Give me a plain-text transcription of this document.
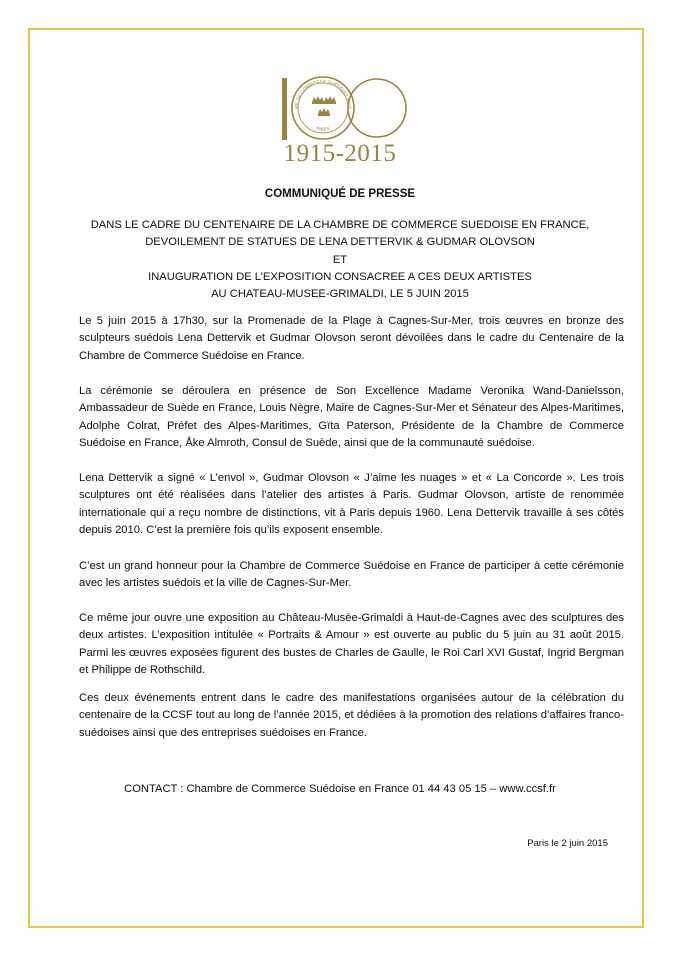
RE DE COMMERCE SUÉDOISE EN F
PARIS
1915-2015
COMMUNIQUÉ DE PRESSE
DANS LE CADRE DU CENTENAIRE DE LA CHAMBRE DE COMMERCE SUEDOISE EN FRANCE,
DEVOILEMENT DE STATUES DE LENA DETTERVIK & GUDMAR OLOVSON
ET
INAUGURATION DE L’EXPOSITION CONSACREE A CES DEUX ARTISTES
AU CHATEAU-MUSEE-GRIMALDI, LE 5 JUIN 2015

Le 5 juin 2015 à 17h30, sur la Promenade de la Plage à Cagnes-Sur-Mer, trois œuvres en bronze des sculpteurs suédois Lena Dettervik et Gudmar Olovson seront dévoilées dans le cadre du Centenaire de la Chambre de Commerce Suédoise en France.

La cérémonie se déroulera en présence de Son Excellence Madame Veronika Wand-Danielsson, Ambassadeur de Suède en France, Louis Nègre, Maire de Cagnes-Sur-Mer et Sénateur des Alpes-Maritimes, Adolphe Colrat, Préfet des Alpes-Maritimes, Gïta Paterson, Présidente de la Chambre de Commerce Suédoise en France, Åke Almroth, Consul de Suède, ainsi que de la communauté suédoise.

Lena Dettervik a signé « L’envol », Gudmar Olovson « J’aime les nuages » et « La Concorde ». Les trois sculptures ont été réalisées dans l’atelier des artistes à Paris. Gudmar Olovson, artiste de renommée internationale qui a reçu nombre de distinctions, vit à Paris depuis 1960. Lena Dettervik travaille à ses côtés depuis 2010. C’est la première fois qu’ils exposent ensemble.

C’est un grand honneur pour la Chambre de Commerce Suédoise en France de participer à cette cérémonie avec les artistes suédois et la ville de Cagnes-Sur-Mer.

Ce même jour ouvre une exposition au Château-Musée-Grimaldi à Haut-de-Cagnes avec des sculptures des deux artistes. L’exposition intitulée « Portraits & Amour » est ouverte au public du 5 juin au 31 août 2015. Parmi les œuvres exposées figurent des bustes de Charles de Gaulle, le Roi Carl XVI Gustaf, Ingrid Bergman et Philippe de Rothschild.

Ces deux événements entrent dans le cadre des manifestations organisées autour de la célébration du centenaire de la CCSF tout au long de l’année 2015, et dédiées à la promotion des relations d’affaires franco-suédoises ainsi que des entreprises suédoises en France.

CONTACT : Chambre de Commerce Suédoise en France 01 44 43 05 15 – www.ccsf.fr
Paris le 2 juin 2015
